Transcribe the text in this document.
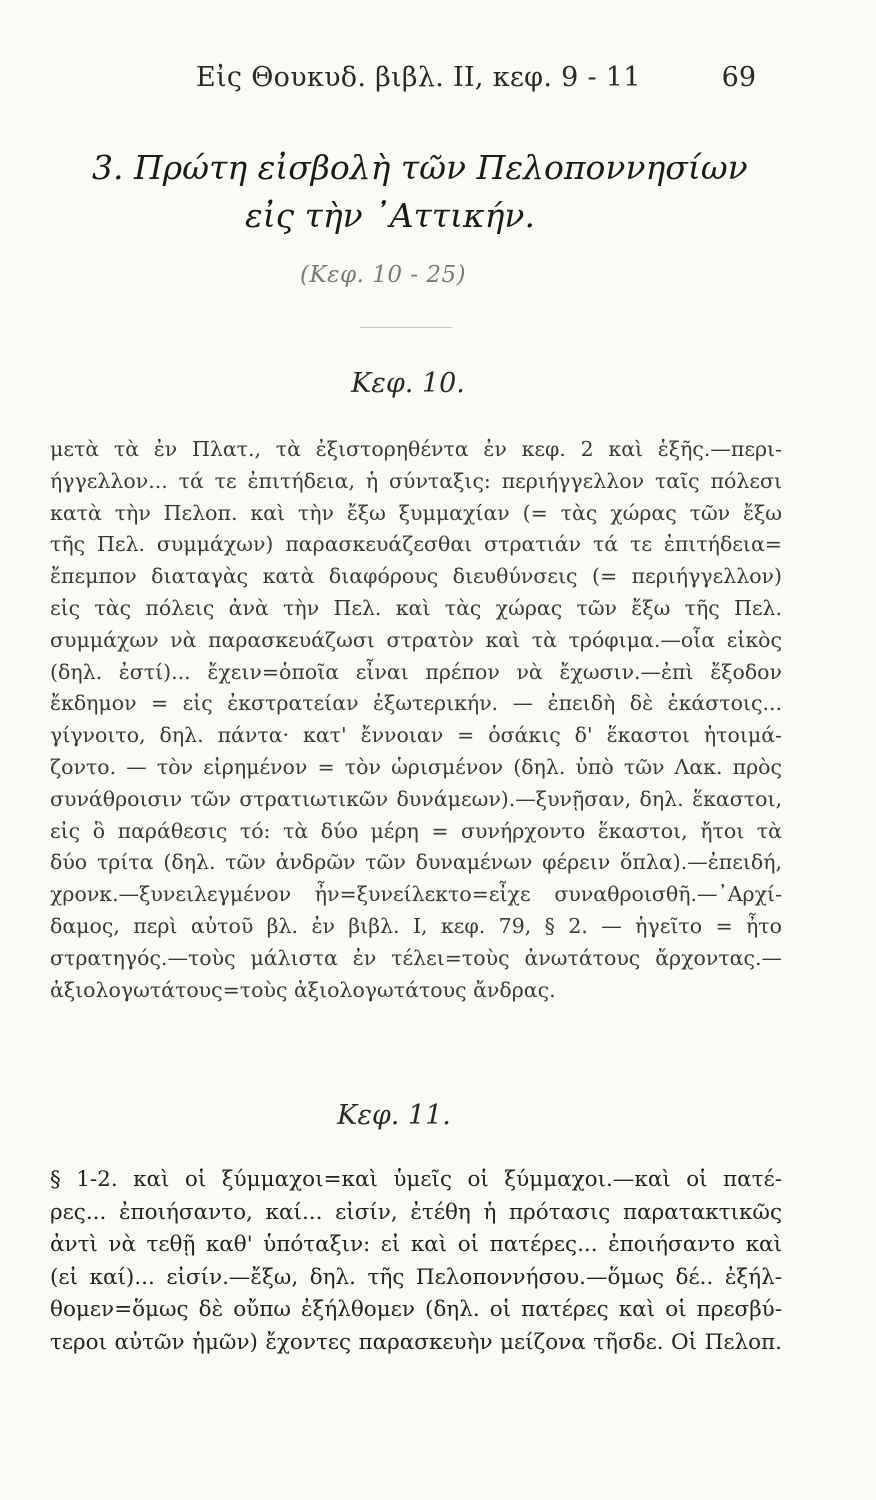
Εἰς Θουκυδ. βιβλ. II, κεφ. 9 - 11	69
3. Πρώτη εἰσβολὴ τῶν Πελοποννησίων
εἰς τὴν ᾿Αττικήν.
(Κεφ. 10 - 25)
Κεφ. 10.
μετὰ τὰ ἐν Πλατ., τὰ ἐξιστορηθέντα ἐν κεφ. 2 καὶ ἑξῆς.—περι-
ήγγελλον... τά τε ἐπιτήδεια, ἡ σύνταξις: περιήγγελλον ταῖς πόλεσι
κατὰ τὴν Πελοπ. καὶ τὴν ἔξω ξυμμαχίαν (= τὰς χώρας τῶν ἔξω
τῆς Πελ. συμμάχων) παρασκευάζεσθαι στρατιάν τά τε ἐπιτήδεια=
ἔπεμπον διαταγὰς κατὰ διαφόρους διευθύνσεις (= περιήγγελλον)
εἰς τὰς πόλεις ἀνὰ τὴν Πελ. καὶ τὰς χώρας τῶν ἔξω τῆς Πελ.
συμμάχων νὰ παρασκευάζωσι στρατὸν καὶ τὰ τρόφιμα.—οἷα εἰκὸς
(δηλ. ἐστί)... ἔχειν=ὁποῖα εἶναι πρέπον νὰ ἔχωσιν.—ἐπὶ ἔξοδον
ἔκδημον = εἰς ἐκστρατείαν ἐξωτερικήν. — ἐπειδὴ δὲ ἑκάστοις...
γίγνοιτο, δηλ. πάντα· κατ' ἔννοιαν = ὁσάκις δ' ἕκαστοι ἡτοιμά-
ζοντο. — τὸν εἰρημένον = τὸν ὡρισμένον (δηλ. ὑπὸ τῶν Λακ. πρὸς
συνάθροισιν τῶν στρατιωτικῶν δυνάμεων).—ξυνῇσαν, δηλ. ἕκαστοι,
εἰς ὃ παράθεσις τό: τὰ δύο μέρη = συνήρχοντο ἕκαστοι, ἤτοι τὰ
δύο τρίτα (δηλ. τῶν ἀνδρῶν τῶν δυναμένων φέρειν ὅπλα).—ἐπειδή,
χρονκ.—ξυνειλεγμένον ἦν=ξυνείλεκτο=εἶχε συναθροισθῆ.—᾿Αρχί-
δαμος, περὶ αὐτοῦ βλ. ἐν βιβλ. I, κεφ. 79, § 2. — ἡγεῖτο = ἦτο
στρατηγός.—τοὺς μάλιστα ἐν τέλει=τοὺς ἀνωτάτους ἄρχοντας.—
ἀξιολογωτάτους=τοὺς ἀξιολογωτάτους ἄνδρας.
Κεφ. 11.
§ 1-2. καὶ οἱ ξύμμαχοι=καὶ ὑμεῖς οἱ ξύμμαχοι.—καὶ οἱ πατέ-
ρες... ἐποιήσαντο, καί... εἰσίν, ἐτέθη ἡ πρότασις παρατακτικῶς
ἀντὶ νὰ τεθῇ καθ' ὑπόταξιν: εἰ καὶ οἱ πατέρες... ἐποιήσαντο καὶ
(εἰ καί)... εἰσίν.—ἔξω, δηλ. τῆς Πελοποννήσου.—ὅμως δέ.. ἐξήλ-
θομεν=ὅμως δὲ οὔπω ἐξήλθομεν (δηλ. οἱ πατέρες καὶ οἱ πρεσβύ-
τεροι αὐτῶν ἡμῶν) ἔχοντες παρασκευὴν μείζονα τῆσδε. Οἱ Πελοπ.
